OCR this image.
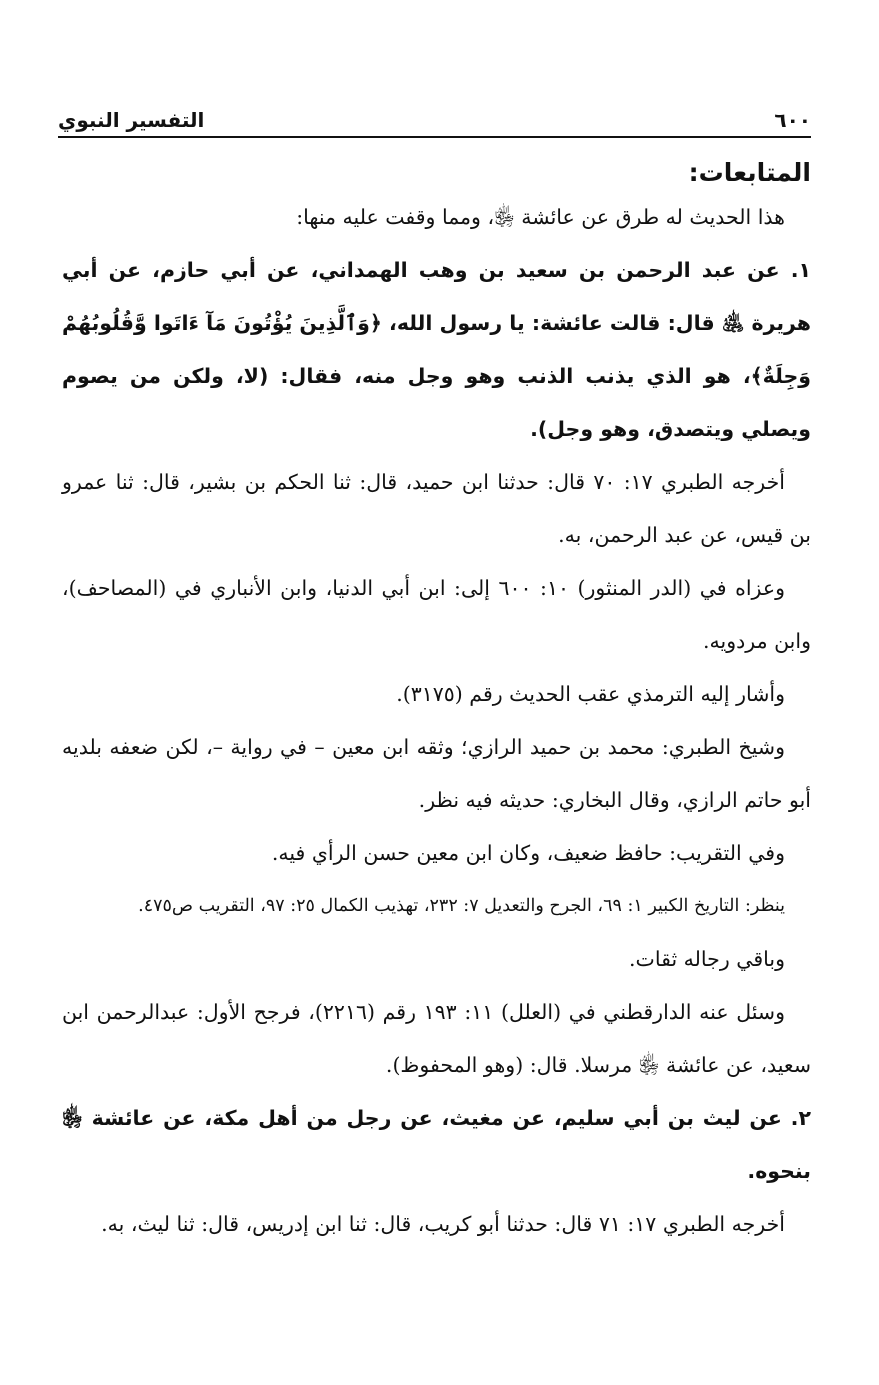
٦٠٠
التفسير النبوي
المتابعات:

هذا الحديث له طرق عن عائشة ﵂، ومما وقفت عليه منها:

١. عن عبد الرحمن بن سعيد بن وهب الهمداني، عن أبي حازم، عن أبي هريرة ﵁ قال: قالت عائشة: يا رسول الله، ﴿وَٱلَّذِينَ يُؤْتُونَ مَآ ءَاتَوا وَّقُلُوبُهُمْ وَجِلَةٌ﴾، هو الذي يذنب الذنب وهو وجل منه، فقال: (لا، ولكن من يصوم ويصلي ويتصدق، وهو وجل).

أخرجه الطبري ١٧: ٧٠ قال: حدثنا ابن حميد، قال: ثنا الحكم بن بشير، قال: ثنا عمرو بن قيس، عن عبد الرحمن، به.

وعزاه في (الدر المنثور) ١٠: ٦٠٠ إلى: ابن أبي الدنيا، وابن الأنباري في (المصاحف)، وابن مردويه.

وأشار إليه الترمذي عقب الحديث رقم (٣١٧٥).

وشيخ الطبري: محمد بن حميد الرازي؛ وثقه ابن معين – في رواية –، لكن ضعفه بلديه أبو حاتم الرازي، وقال البخاري: حديثه فيه نظر.

وفي التقريب: حافظ ضعيف، وكان ابن معين حسن الرأي فيه.

ينظر: التاريخ الكبير ١: ٦٩، الجرح والتعديل ٧: ٢٣٢، تهذيب الكمال ٢٥: ٩٧، التقريب ص٤٧٥.

وباقي رجاله ثقات.

وسئل عنه الدارقطني في (العلل) ١١: ١٩٣ رقم (٢٢١٦)، فرجح الأول: عبدالرحمن ابن سعيد، عن عائشة ﵂ مرسلا. قال: (وهو المحفوظ).

٢. عن ليث بن أبي سليم، عن مغيث، عن رجل من أهل مكة، عن عائشة ﵂ بنحوه.

أخرجه الطبري ١٧: ٧١ قال: حدثنا أبو كريب، قال: ثنا ابن إدريس، قال: ثنا ليث، به.
